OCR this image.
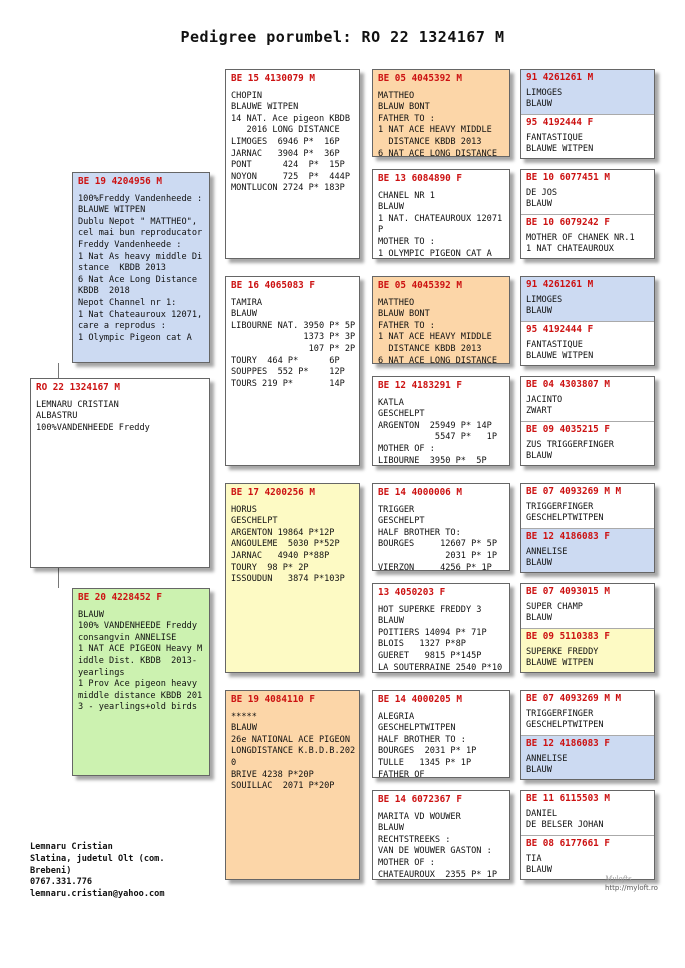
Pedigree porumbel: RO 22 1324167 M
RO 22 1324167 M
LEMNARU CRISTIAN
ALBASTRU
100%VANDENHEEDE Freddy
BE 19 4204956 M
100%Freddy Vandenheede :
BLAUWE WITPEN
Dublu Nepot " MATTHEO",
cel mai bun reproducator
Freddy Vandenheede :
1 Nat As heavy middle Di
stance  KBDB 2013
6 Nat Ace Long Distance
KBDB  2018
Nepot Channel nr 1:
1 Nat Chateauroux 12071,
care a reprodus :
1 Olympic Pigeon cat A
BE 20 4228452 F
BLAUW
100% VANDENHEEDE Freddy
consangvin ANNELISE
1 NAT ACE PIGEON Heavy M
iddle Dist. KBDB  2013-
yearlings
1 Prov Ace pigeon heavy
middle distance KBDB 201
3 - yearlings+old birds
BE 15 4130079 M
CHOPIN
BLAUWE WITPEN
14 NAT. Ace pigeon KBDB
2016 LONG DISTANCE
LIMOGES  6946 P*  16P
JARNAC   3904 P*  36P
PONT      424  P*  15P
NOYON     725  P*  444P
MONTLUCON 2724 P* 183P
BE 16 4065083 F
TAMIRA
BLAUW
LIBOURNE NAT. 3950 P* 5P
1373 P* 3P
107 P* 2P
TOURY  464 P*      6P
SOUPPES  552 P*    12P
TOURS 219 P*       14P
BE 17 4200256 M
HORUS
GESCHELPT
ARGENTON 19864 P*12P
ANGOULEME  5030 P*52P
JARNAC   4940 P*88P
TOURY  98 P* 2P
ISSOUDUN   3874 P*103P
BE 19 4084110 F
*****
BLAUW
26e NATIONAL ACE PIGEON
LONGDISTANCE K.B.D.B.202
0
BRIVE 4238 P*20P
SOUILLAC  2071 P*20P
BE 05 4045392 M
MATTHEO
BLAUW BONT
FATHER TO :
1 NAT ACE HEAVY MIDDLE
DISTANCE KBDB 2013
6 NAT ACE LONG DISTANCE
BE 13 6084890 F
CHANEL NR 1
BLAUW
1 NAT. CHATEAUROUX 12071
P
MOTHER TO :
1 OLYMPIC PIGEON CAT A
BE 05 4045392 M
MATTHEO
BLAUW BONT
FATHER TO :
1 NAT ACE HEAVY MIDDLE
DISTANCE KBDB 2013
6 NAT ACE LONG DISTANCE
BE 12 4183291 F
KATLA
GESCHELPT
ARGENTON  25949 P* 14P
5547 P*   1P
MOTHER OF :
LIBOURNE  3950 P*  5P
BE 14 4000006 M
TRIGGER
GESCHELPT
HALF BROTHER TO:
BOURGES     12607 P* 5P
2031 P* 1P
VIERZON     4256 P* 1P
13 4050203 F
HOT SUPERKE FREDDY 3
BLAUW
POITIERS 14094 P* 71P
BLOIS   1327 P*8P
GUERET   9815 P*145P
LA SOUTERRAINE 2540 P*10
BE 14 4000205 M
ALEGRIA
GESCHELPTWITPEN
HALF BROTHER TO :
BOURGES  2031 P* 1P
TULLE   1345 P* 1P
FATHER OF
BE 14 6072367 F
MARITA VD WOUWER
BLAUW
RECHTSTREEKS :
VAN DE WOUWER GASTON :
MOTHER OF :
CHATEAUROUX  2355 P* 1P
91 4261261 M
LIMOGES
BLAUW
95 4192444 F
FANTASTIQUE
BLAUWE WITPEN
BE 10 6077451 M
DE JOS
BLAUW
BE 10 6079242 F
MOTHER OF CHANEK NR.1
1 NAT CHATEAUROUX
91 4261261 M
LIMOGES
BLAUW
95 4192444 F
FANTASTIQUE
BLAUWE WITPEN
BE 04 4303807 M
JACINTO
ZWART
BE 09 4035215 F
ZUS TRIGGERFINGER
BLAUW
BE 07 4093269 M M
TRIGGERFINGER
GESCHELPTWITPEN
BE 12 4186083 F
ANNELISE
BLAUW
BE 07 4093015 M
SUPER CHAMP
BLAUW
BE 09 5110383 F
SUPERKE FREDDY
BLAUWE WITPEN
BE 07 4093269 M M
TRIGGERFINGER
GESCHELPTWITPEN
BE 12 4186083 F
ANNELISE
BLAUW
BE 11 6115503 M
DANIEL
DE BELSER JOHAN
BE 08 6177661 F
TIA
BLAUW
Lemnaru Cristian
Slatina, judetul Olt (com.
Brebeni)
0767.331.776
lemnaru.cristian@yahoo.com
Mylofts
http://myloft.ro
